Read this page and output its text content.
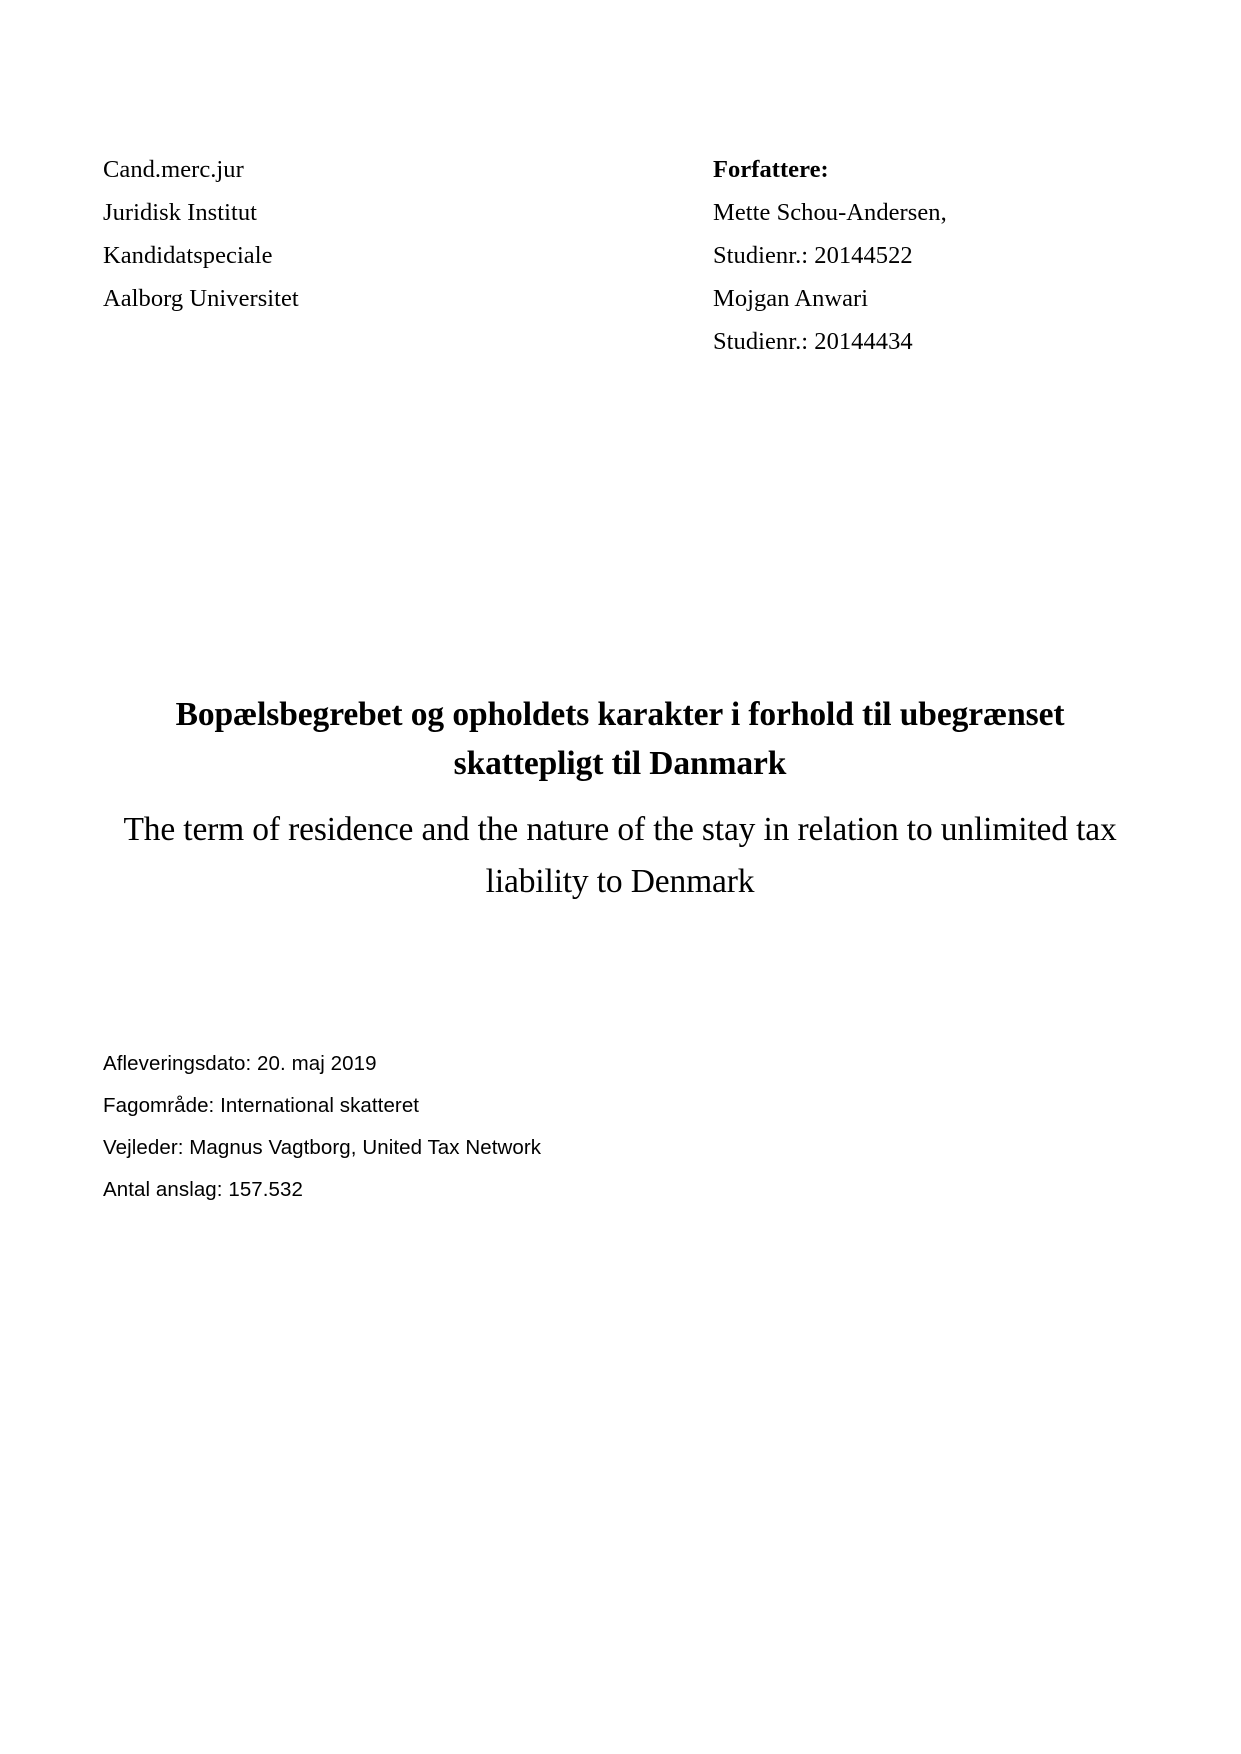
Cand.merc.jur
Juridisk Institut
Kandidatspeciale
Aalborg Universitet
Forfattere:
Mette Schou-Andersen,
Studienr.: 20144522
Mojgan Anwari
Studienr.: 20144434
Bopælsbegrebet og opholdets karakter i forhold til ubegrænset skattepligt til Danmark
The term of residence and the nature of the stay in relation to unlimited tax liability to Denmark
Afleveringsdato: 20. maj 2019
Fagområde: International skatteret
Vejleder: Magnus Vagtborg, United Tax Network
Antal anslag: 157.532
